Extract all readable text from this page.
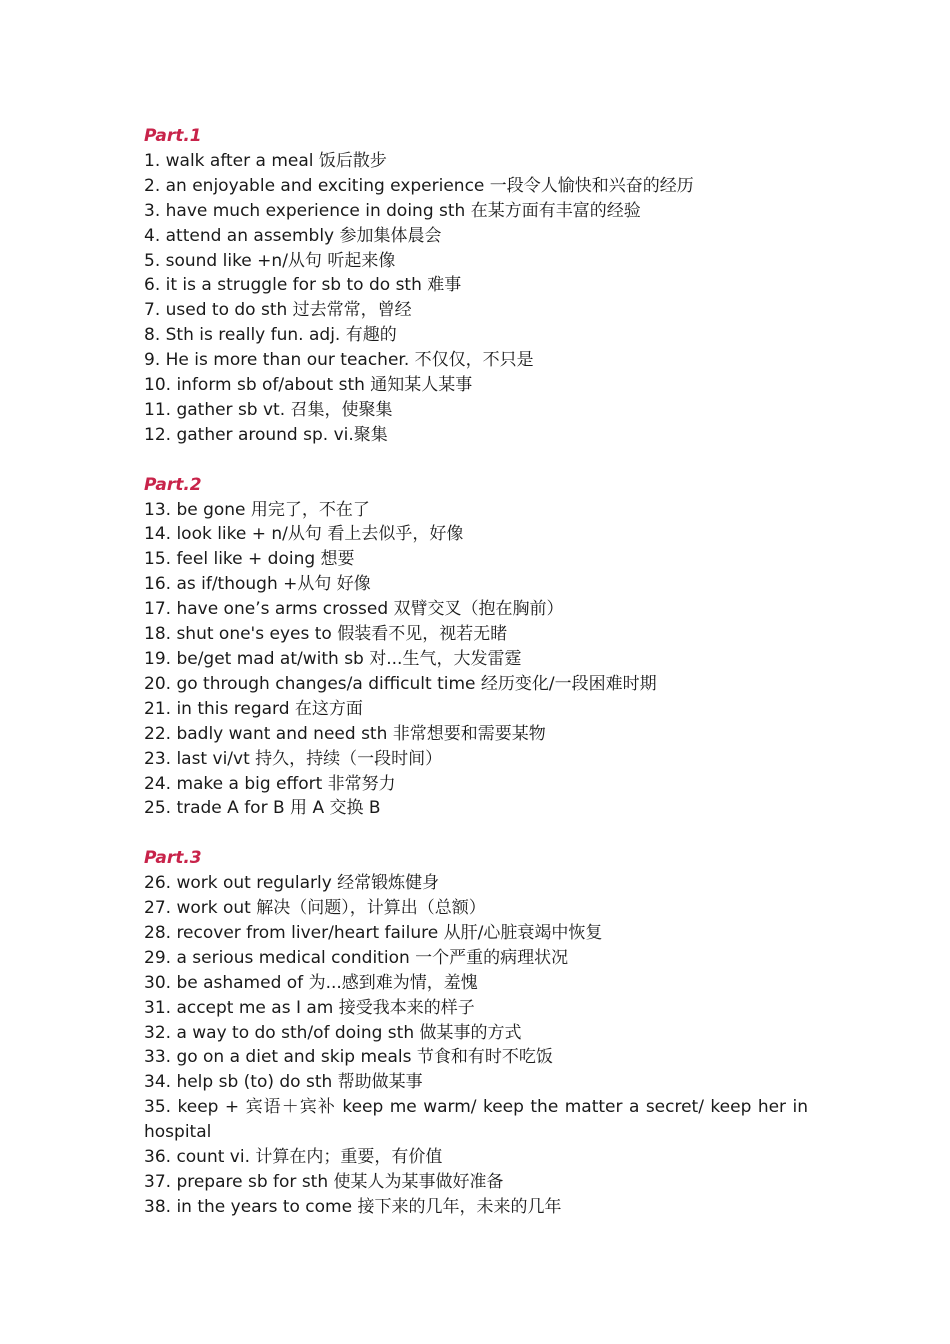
Part.1
1. walk after a meal 饭后散步
2. an enjoyable and exciting experience 一段令人愉快和兴奋的经历
3. have much experience in doing sth 在某方面有丰富的经验
4. attend an assembly 参加集体晨会
5. sound like +n/从句 听起来像
6. it is a struggle for sb to do sth 难事
7. used to do sth 过去常常，曾经
8. Sth is really fun. adj. 有趣的
9. He is more than our teacher. 不仅仅，不只是
10. inform sb of/about sth 通知某人某事
11. gather sb vt. 召集，使聚集
12. gather around sp. vi.聚集
Part.2
13. be gone 用完了，不在了
14. look like + n/从句 看上去似乎，好像
15. feel like + doing 想要
16. as if/though +从句 好像
17. have one’s arms crossed 双臂交叉（抱在胸前）
18. shut one's eyes to 假装看不见，视若无睹
19. be/get mad at/with sb 对...生气，大发雷霆
20. go through changes/a difficult time 经历变化/一段困难时期
21. in this regard 在这方面
22. badly want and need sth 非常想要和需要某物
23. last vi/vt 持久，持续（一段时间）
24. make a big effort 非常努力
25. trade A for B 用 A 交换 B
Part.3
26. work out regularly 经常锻炼健身
27. work out 解决（问题），计算出（总额）
28. recover from liver/heart failure 从肝/心脏衰竭中恢复
29. a serious medical condition 一个严重的病理状况
30. be ashamed of 为...感到难为情，羞愧
31. accept me as I am 接受我本来的样子
32. a way to do sth/of doing sth 做某事的方式
33. go on a diet and skip meals 节食和有时不吃饭
34. help sb (to) do sth 帮助做某事
35. keep + 宾语＋宾补 keep me warm/ keep the matter a secret/ keep her in hospital
36. count vi. 计算在内；重要，有价值
37. prepare sb for sth 使某人为某事做好准备
38. in the years to come 接下来的几年，未来的几年
